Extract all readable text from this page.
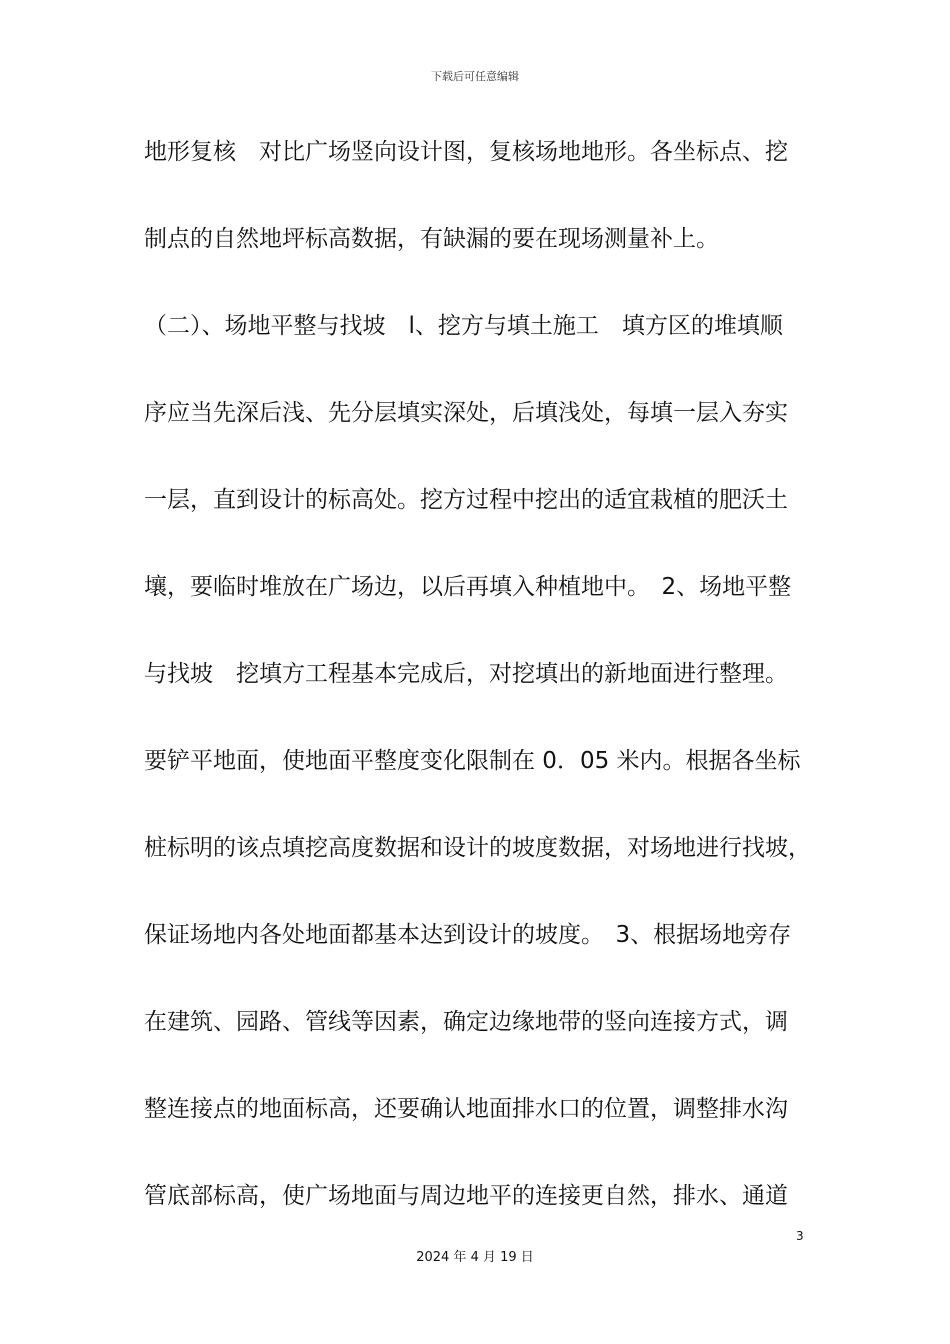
下载后可任意编辑
地形复核　对比广场竖向设计图，复核场地地形。各坐标点、挖
制点的自然地坪标高数据，有缺漏的要在现场测量补上。
（二）、场地平整与找坡　l、挖方与填土施工　填方区的堆填顺
序应当先深后浅、先分层填实深处，后填浅处，每填一层入夯实
一层，直到设计的标高处。挖方过程中挖出的适宜栽植的肥沃土
壤，要临时堆放在广场边，以后再填入种植地中。　2、场地平整
与找坡　挖填方工程基本完成后，对挖填出的新地面进行整理。
要铲平地面，使地面平整度变化限制在 0．05 米内。根据各坐标
桩标明的该点填挖高度数据和设计的坡度数据，对场地进行找坡，
保证场地内各处地面都基本达到设计的坡度。　3、根据场地旁存
在建筑、园路、管线等因素，确定边缘地带的竖向连接方式，调
整连接点的地面标高，还要确认地面排水口的位置，调整排水沟
管底部标高，使广场地面与周边地平的连接更自然，排水、通道
3
2024 年 4 月 19 日
